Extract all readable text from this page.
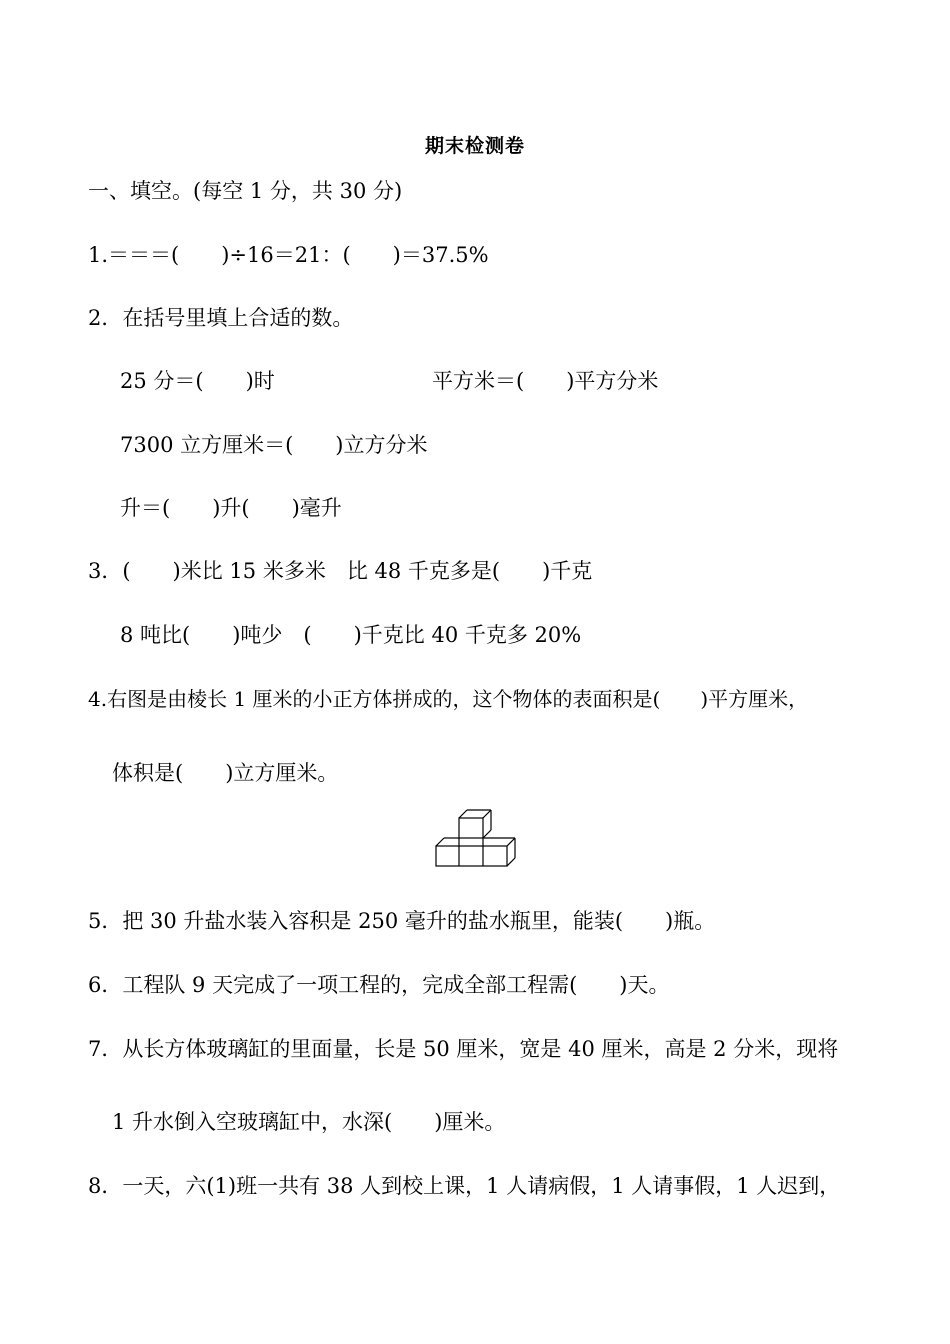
期末检测卷
一、填空。(每空 1 分，共 30 分)
1.＝＝＝(　　)÷16＝21：(　　)＝37.5%
2．在括号里填上合适的数。
25 分＝(　　)时	平方米＝(　　)平方分米
7300 立方厘米＝(　　)立方分米
升＝(　　)升(　　)毫升
3．(　　)米比 15 米多米　比 48 千克多是(　　)千克
8 吨比(　　)吨少　(　　)千克比 40 千克多 20%
4.右图是由棱长 1 厘米的小正方体拼成的，这个物体的表面积是(　　)平方厘米，
体积是(　　)立方厘米。
5．把 30 升盐水装入容积是 250 毫升的盐水瓶里，能装(　　)瓶。
6．工程队 9 天完成了一项工程的，完成全部工程需(　　)天。
7．从长方体玻璃缸的里面量，长是 50 厘米，宽是 40 厘米，高是 2 分米，现将
1 升水倒入空玻璃缸中，水深(　　)厘米。
8．一天，六(1)班一共有 38 人到校上课，1 人请病假，1 人请事假，1 人迟到，
